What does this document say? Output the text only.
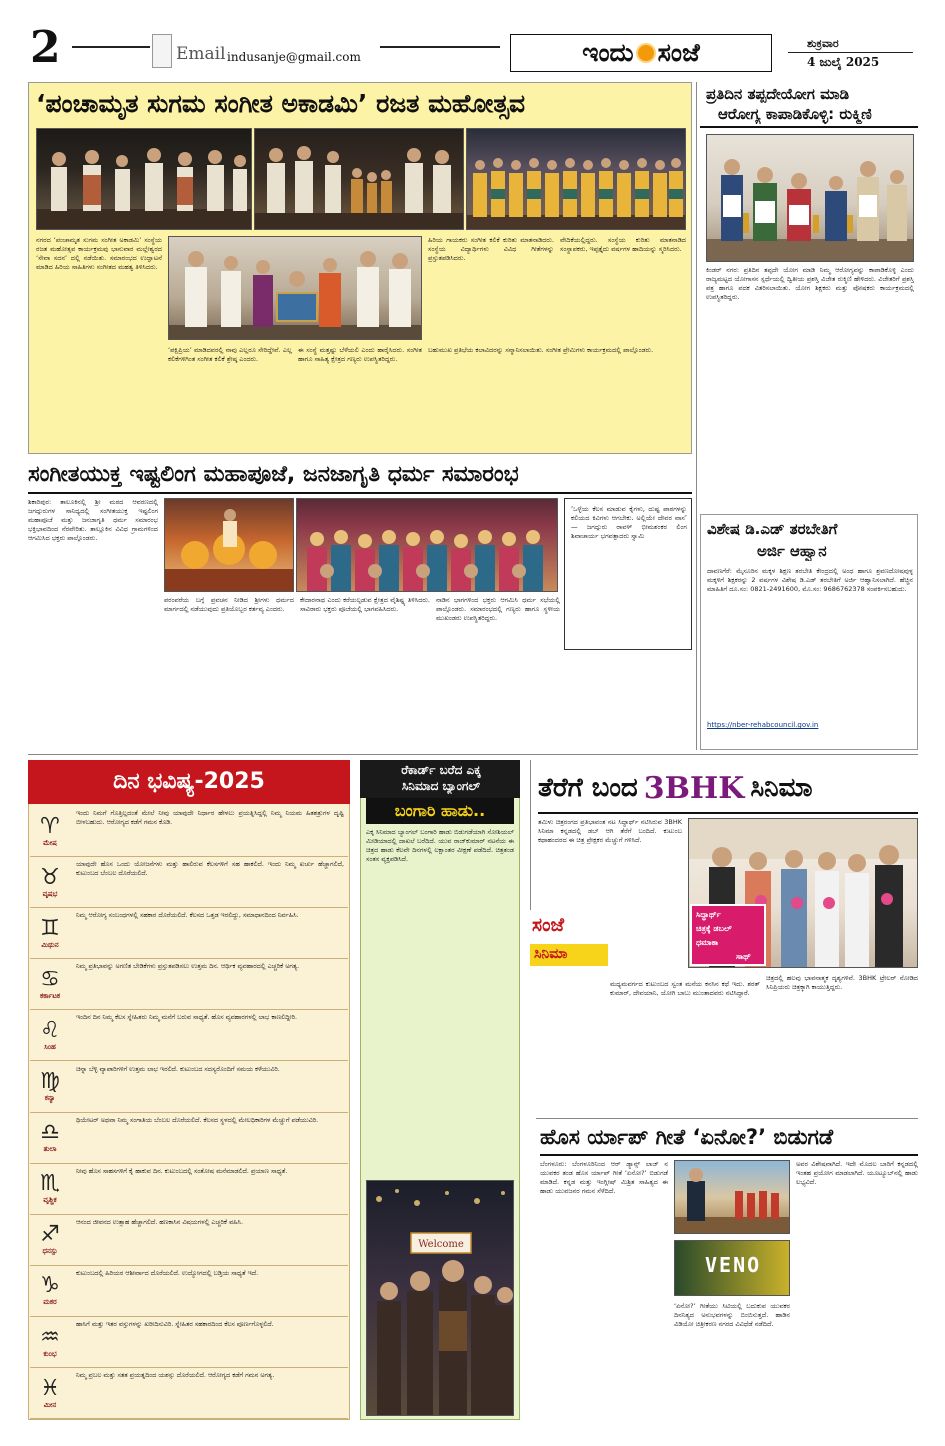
2	Email indusanje@gmail.com	ಇಂದು ಸಂಜೆ	ಶುಕ್ರವಾರ
4 ಜುಲೈ 2025
‘ಪಂಚಾಮೃತ ಸುಗಮ ಸಂಗೀತ ಅಕಾಡಮಿ’ ರಜತ ಮಹೋತ್ಸವ
ನಗರದ ‘ಪಂಚಾಮೃತ ಸುಗಮ ಸಂಗೀತ ಅಕಾಡಮಿ’ ಸಂಸ್ಥೆಯ ರಜತ ಮಹೋತ್ಸವ ಕಾರ್ಯಕ್ರಮವು ಭಾನುವಾರ ಮಲ್ಲೇಶ್ವರದ ‘ಸೇವಾ ಸದನ’ ದಲ್ಲಿ ನಡೆಯಿತು. ಸಮಾರಂಭದ ಉದ್ಘಾಟನೆ ಮಾಡಿದ ಹಿರಿಯ ಸಾಹಿತಿಗಳು ಸಂಗೀತದ ಮಹತ್ವ ತಿಳಿಸಿದರು.
ಹಿರಿಯ ಗಾಯಕರು ಸಂಗೀತ ಕಲಿಕೆ ಕುರಿತು ಮಾತನಾಡಿದರು. ಸಂಸ್ಥೆಯ ವಿದ್ಯಾರ್ಥಿಗಳು ವಿವಿಧ ಗೀತೆಗಳನ್ನು ಪ್ರಸ್ತುತಪಡಿಸಿದರು.
ವೇದಿಕೆಯಲ್ಲಿದ್ದರು. ಸಂಸ್ಥೆಯ ಕುರಿತು ಮಾತನಾಡಿದ ಸಂಸ್ಥಾಪಕರು, ಇಪ್ಪತ್ತೈದು ವರ್ಷಗಳ ಹಾದಿಯನ್ನು ಸ್ಮರಿಸಿದರು.
‘ಪಕ್ಷಿಪ್ರಿಯ’ ಮಾಡಿದವರಲ್ಲಿ ನಾವು ಎಲ್ಲರೂ ಸೇರಿದ್ದೇವೆ. ಎಲ್ಲ ಕಲಿಕೆಗಳಿಗಿಂತ ಸಂಗೀತ ಕಲಿಕೆ ಶ್ರೇಷ್ಠ ಎಂದರು.
ಈ ಸಂಸ್ಥೆ ಮತ್ತಷ್ಟು ಬೆಳೆಯಲಿ ಎಂದು ಹಾರೈಸಿದರು. ಸಂಗೀತ ಹಾಗೂ ಸಾಹಿತ್ಯ ಕ್ಷೇತ್ರದ ಗಣ್ಯರು ಉಪಸ್ಥಿತರಿದ್ದರು.
ಬಹುಮುಖ ಪ್ರತಿಭೆಯ ಕಲಾವಿದರನ್ನು ಸನ್ಮಾನಿಸಲಾಯಿತು. ಸಂಗೀತ ಪ್ರೇಮಿಗಳು ಕಾರ್ಯಕ್ರಮದಲ್ಲಿ ಪಾಲ್ಗೊಂಡರು.
ಪ್ರತಿದಿನ ತಪ್ಪದೇಯೋಗ ಮಾಡಿ
ಆರೋಗ್ಯ ಕಾಪಾಡಿಕೊಳ್ಳಿ: ರುಕ್ಮಿಣಿ
ಕಿಂಡರ್ ನಗರ: ಪ್ರತಿದಿನ ತಪ್ಪದೇ ಯೋಗ ಮಾಡಿ ನಿಮ್ಮ ಆರೋಗ್ಯವನ್ನು ಕಾಪಾಡಿಕೊಳ್ಳಿ ಎಂದು ರಾಜ್ಯಮಟ್ಟದ ಯೋಗಾಸನ ಸ್ಪರ್ಧೆಯಲ್ಲಿ ದ್ವಿತೀಯ ಪ್ರಶಸ್ತಿ ವಿಜೇತ ರುಕ್ಮಿಣಿ ಹೇಳಿದರು. ವಿಜೇತರಿಗೆ ಪ್ರಶಸ್ತಿ ಪತ್ರ ಹಾಗೂ ಪದಕ ವಿತರಿಸಲಾಯಿತು. ಯೋಗ ಶಿಕ್ಷಕರು ಮತ್ತು ಪೋಷಕರು ಕಾರ್ಯಕ್ರಮದಲ್ಲಿ ಉಪಸ್ಥಿತರಿದ್ದರು.
ವಿಶೇಷ ಡಿ.ಎಡ್ ತರಬೇತಿಗೆ
ಅರ್ಜಿ ಆಹ್ವಾನ
ದಾವಣಗೆರೆ: ಮೈಸೂರಿನ ಮಕ್ಕಳ ಶಿಕ್ಷಣ ತರಬೇತಿ ಕೇಂದ್ರದಲ್ಲಿ ಅಂಧ ಹಾಗೂ ಶ್ರವಣದೋಷವುಳ್ಳ ಮಕ್ಕಳಿಗೆ ಶಿಕ್ಷಕರನ್ನು 2 ವರ್ಷಗಳ ವಿಶೇಷ ಡಿ.ಎಡ್ ತರಬೇತಿಗೆ ಅರ್ಜಿ ಆಹ್ವಾನಿಸಲಾಗಿದೆ. ಹೆಚ್ಚಿನ ಮಾಹಿತಿಗೆ ದೂ.ಸಂ: 0821-2491600, ಮೊ.ಸಂ: 9686762378 ಸಂಪರ್ಕಿಸಬಹುದು.
https://nber-rehabcouncil.gov.in
ಸಂಗೀತಯುಕ್ತ ಇಷ್ಟಲಿಂಗ ಮಹಾಪೂಜೆ, ಜನಜಾಗೃತಿ ಧರ್ಮ ಸಮಾರಂಭ
ಶಿಕಾರಿಪುರ: ತಾಲೂಕಿನಲ್ಲಿ ಶ್ರೀ ಮಠದ ಆವರಣದಲ್ಲಿ ಜಗದ್ಗುರುಗಳ ಸಾನಿಧ್ಯದಲ್ಲಿ ಸಂಗೀತಯುಕ್ತ ಇಷ್ಟಲಿಂಗ ಮಹಾಪೂಜೆ ಮತ್ತು ಜನಜಾಗೃತಿ ಧರ್ಮ ಸಮಾರಂಭ ಭಕ್ತಿಭಾವದಿಂದ ನೆರವೇರಿತು. ತಾಲ್ಲೂಕಿನ ವಿವಿಧ ಗ್ರಾಮಗಳಿಂದ ಆಗಮಿಸಿದ ಭಕ್ತರು ಪಾಲ್ಗೊಂಡರು.
‘ಒಳ್ಳೆಯ ಕೆಲಸ ಮಾಡುವ ಕೈಗಳು, ದುಷ್ಟ ಪಾಠಗಳನ್ನು ಕಲಿಯದ ಕಿವಿಗಳು ಆಗಬೇಕು. ಅಲ್ಲಿಯೇ ದೇವರ ವಾಸ’ — ಜಗದ್ಗುರು ರಾವಳ್ ಭೀಮಶಂಕರ ಲಿಂಗ ಶಿವಾಚಾರ್ಯ ಭಗವತ್ಪಾದರು ಸ್ವಾಮಿ
ಪರಂಪರೆಯ ಬಗ್ಗೆ ಪ್ರವಚನ ನೀಡಿದ ಶ್ರೀಗಳು ಧರ್ಮದ ಮಾರ್ಗದಲ್ಲಿ ನಡೆಯುವುದು ಪ್ರತಿಯೊಬ್ಬರ ಕರ್ತವ್ಯ ಎಂದರು.
ಕೇದಾರನಾಥ ಎಂದು ಕರೆಯಲ್ಪಡುವ ಕ್ಷೇತ್ರದ ವೈಶಿಷ್ಟ್ಯ ತಿಳಿಸಿದರು. ಸಾವಿರಾರು ಭಕ್ತರು ಪೂಜೆಯಲ್ಲಿ ಭಾಗವಹಿಸಿದರು.
ನಾಡಿನ ಭಾಗಗಳಿಂದ ಭಕ್ತರು ಆಗಮಿಸಿ ಧರ್ಮ ಸಭೆಯಲ್ಲಿ ಪಾಲ್ಗೊಂಡರು. ಸಮಾರಂಭದಲ್ಲಿ ಗಣ್ಯರು ಹಾಗೂ ಸ್ಥಳೀಯ ಮುಖಂಡರು ಉಪಸ್ಥಿತರಿದ್ದರು.
ದಿನ ಭವಿಷ್ಯ-2025
♈
ಮೇಷ
ಇಂದು ನಿಮಗೆ ಗೊತ್ತಿಲ್ಲದಂತೆ ಮೇಲೆ ನೀವು ಯಾವುದೇ ನಿರ್ಧಾರ ಹೇಳಲು ಪ್ರಯತ್ನಿಸಿದ್ದಲ್ಲಿ ನಿಮ್ಮ ನಿಯಮ ಹಿತಶತ್ರುಗಳ ದೃಷ್ಟಿ ಬೀಳಬಹುದು. ಆರೋಗ್ಯದ ಕಡೆಗೆ ಗಮನ ಕೊಡಿ.
♉
ವೃಷಭ
ಯಾವುದೇ ಹೊಸ ಒಂದು ಯೋಜನೆಗಳು ಮತ್ತು ಹಾಲಿರುವ ಕೆಲಸಗಳಿಗೆ ಸಹ ಹಾಕಲಿದೆ. ಇಂದು ನಿಮ್ಮ ಖರ್ಚು ಹೆಚ್ಚಾಗಲಿದೆ, ಕುಟುಂಬದ ಬೆಂಬಲ ದೊರೆಯಲಿದೆ.
♊
ಮಿಥುನ
ನಿಮ್ಮ ಆರೋಗ್ಯ ಸಂಬಂಧಗಳಲ್ಲಿ ಸಹಕಾರ ದೊರೆಯಲಿದೆ. ಕೆಲಸದ ಒತ್ತಡ ಇರಲಿದ್ದು, ಸಮಾಧಾನದಿಂದ ನಿರ್ವಹಿಸಿ.
♋
ಕರ್ಕಾಟಕ
ನಿಮ್ಮ ಪ್ರತಿಭಾವನ್ನು ಅಗಣಿತ ಬೇಡಿಕೆಗಳು ಪ್ರಸ್ತುತಪಡಿಸಲು ಉತ್ತಮ ದಿನ. ಆರ್ಥಿಕ ವ್ಯವಹಾರದಲ್ಲಿ ಎಚ್ಚರಿಕೆ ಅಗತ್ಯ.
♌
ಸಿಂಹ
ಇಂದಿನ ದಿನ ನಿಮ್ಮ ಕೆಲಸ ಸ್ನೇಹಿತರು ನಿಮ್ಮ ಮನೆಗೆ ಬರುವ ಸಾಧ್ಯತೆ. ಹೊಸ ವ್ಯವಹಾರಗಳಲ್ಲಿ ಲಾಭ ಕಾಣಲಿದ್ದೀರಿ.
♍
ಕನ್ಯಾ
ಚಿನ್ನಾ ಬೆಳ್ಳಿ ವ್ಯಾಪಾರಿಗಳಿಗೆ ಉತ್ತಮ ಲಾಭ ಇರಲಿದೆ. ಕುಟುಂಬದ ಸದಸ್ಯರೊಂದಿಗೆ ಸಮಯ ಕಳೆಯುವಿರಿ.
♎
ತುಲಾ
ಥಿಯೇಟರ್ ಅಥವಾ ನಿಮ್ಮ ಸಂಗಾತಿಯ ಬೆಂಬಲ ದೊರೆಯಲಿದೆ. ಕೆಲಸದ ಸ್ಥಳದಲ್ಲಿ ಮೇಲಧಿಕಾರಿಗಳ ಮೆಚ್ಚುಗೆ ಪಡೆಯುವಿರಿ.
♏
ವೃಶ್ಚಿಕ
ನೀವು ಹೊಸ ಸಾಹಸಗಳಿಗೆ ಕೈ ಹಾಕುವ ದಿನ. ಕುಟುಂಬದಲ್ಲಿ ಸಂತೋಷ ಮನೆಮಾಡಲಿದೆ. ಪ್ರಯಾಣ ಸಾಧ್ಯತೆ.
♐
ಧನಸ್ಸು
ಆನಂದ ಜೀವನದ ಉತ್ಸಾಹ ಹೆಚ್ಚಾಗಲಿದೆ. ಹಣಕಾಸಿನ ವಿಷಯಗಳಲ್ಲಿ ಎಚ್ಚರಿಕೆ ವಹಿಸಿ.
♑
ಮಕರ
ಕುಟುಂಬದಲ್ಲಿ ಹಿರಿಯರ ಆಶೀರ್ವಾದ ದೊರೆಯಲಿದೆ. ಉದ್ಯೋಗದಲ್ಲಿ ಬಡ್ತಿಯ ಸಾಧ್ಯತೆ ಇದೆ.
♒
ಕುಂಭ
ಹಾಸಿಗೆ ಮತ್ತು ಇತರ ವಸ್ತುಗಳನ್ನು ಖರೀದಿಸುವಿರಿ. ಸ್ನೇಹಿತರ ಸಹಕಾರದಿಂದ ಕೆಲಸ ಪೂರ್ಣಗೊಳ್ಳಲಿದೆ.
♓
ಮೀನ
ನಿಮ್ಮ ಪ್ರಬಲ ಮತ್ತು ಸತತ ಪ್ರಯತ್ನದಿಂದ ಯಶಸ್ಸು ದೊರೆಯಲಿದೆ. ಆರೋಗ್ಯದ ಕಡೆಗೆ ಗಮನ ಅಗತ್ಯ.
ರೆಕಾರ್ಡ್ ಬರೆದ ಎಕ್ಕ
ಸಿನಿಮಾದ ಬ್ಯಾಂಗಲ್
ಬಂಗಾರಿ ಹಾಡು..
ಎಕ್ಕ ಸಿನಿಮಾದ ಬ್ಯಾಂಗಲ್ ಬಂಗಾರಿ ಹಾಡು ಬಿಡುಗಡೆಯಾಗಿ ಸೋಶಿಯಲ್ ಮೀಡಿಯಾದಲ್ಲಿ ದಾಖಲೆ ಬರೆದಿದೆ. ಯುವ ರಾಜ್‌ಕುಮಾರ್ ನಟನೆಯ ಈ ಚಿತ್ರದ ಹಾಡು ಕೆಲವೇ ದಿನಗಳಲ್ಲಿ ಲಕ್ಷಾಂತರ ವೀಕ್ಷಣೆ ಪಡೆದಿದೆ. ಚಿತ್ರತಂಡ ಸಂತಸ ವ್ಯಕ್ತಪಡಿಸಿದೆ.
ಸಂಜೆ
ಸಿನಿಮಾ
Welcome
ತೆರೆಗೆ ಬಂದ 3BHK ಸಿನಿಮಾ
ತಮಿಳು ಚಿತ್ರರಂಗದ ಪ್ರತಿಭಾವಂತ ನಟ ಸಿದ್ಧಾರ್ಥ್ ನಟಿಸಿರುವ 3BHK ಸಿನಿಮಾ ಕನ್ನಡದಲ್ಲಿ ಡಬ್ ಆಗಿ ತೆರೆಗೆ ಬಂದಿದೆ. ಕುಟುಂಬ ಕಥಾಹಂದರದ ಈ ಚಿತ್ರ ಪ್ರೇಕ್ಷಕರ ಮೆಚ್ಚುಗೆ ಗಳಿಸಿದೆ.
ಮಧ್ಯಮವರ್ಗದ ಕುಟುಂಬದ ಸ್ವಂತ ಮನೆಯ ಕನಸಿನ ಕಥೆ ಇದು. ಶರತ್ ಕುಮಾರ್, ದೇವಯಾನಿ, ಯೋಗಿ ಬಾಬು ಮುಂತಾದವರು ನಟಿಸಿದ್ದಾರೆ.
ಸಿದ್ಧಾರ್ಥ್
ಚಿತ್ರಕ್ಕೆ ಡಬಲ್
ಧಮಾಕಾ
ಸಾಥ್
ಚಿತ್ರದಲ್ಲಿ ಹಲವು ಭಾವನಾತ್ಮಕ ದೃಶ್ಯಗಳಿವೆ. 3BHK ಟ್ರೇಲರ್ ನೋಡಿದ ಸಿನಿಪ್ರಿಯರು ಚಿತ್ರಕ್ಕಾಗಿ ಕಾಯುತ್ತಿದ್ದರು.
ಹೊಸ ರ್ಯಾಪ್ ಗೀತೆ ‘ಏನೋ?’ ಬಿಡುಗಡೆ
ಬೆಂಗಳೂರು: ಬೆಂಗಳೂರಿನಿಂದ ಆರ್‌ ಡ್ಯಾನ್ಸ್ ಲಾಜ್‌ ನ ಯುವಕರ ತಂಡ ಹೊಸ ರ್ಯಾಪ್ ಗೀತೆ ‘ಏನೋ?’ ಬಿಡುಗಡೆ ಮಾಡಿದೆ. ಕನ್ನಡ ಮತ್ತು ಇಂಗ್ಲೀಷ್ ಮಿಶ್ರಿತ ಸಾಹಿತ್ಯದ ಈ ಹಾಡು ಯುವಜನರ ಗಮನ ಸೆಳೆದಿದೆ.
VENO
‘ಏನೋ?’ ಗೀತೆಯು ಸಿಟಿಯಲ್ಲಿ ಬದುಕುವ ಯುವಕರ ದಿನನಿತ್ಯದ ಅನುಭವಗಳನ್ನು ಬಿಂಬಿಸುತ್ತದೆ. ಹಾಡಿನ ವಿಡಿಯೋ ಚಿತ್ರೀಕರಣ ನಗರದ ವಿವಿಧೆಡೆ ನಡೆದಿದೆ.
ಅವರ ವಿಶೇಷವಾಗಿದೆ. ಇದೇ ಮೊದಲ ಬಾರಿಗೆ ಕನ್ನಡದಲ್ಲಿ ಇಂತಹ ಪ್ರಯೋಗ ಮಾಡಲಾಗಿದೆ. ಯೂಟ್ಯೂಬ್‌ನಲ್ಲಿ ಹಾಡು ಲಭ್ಯವಿದೆ.
